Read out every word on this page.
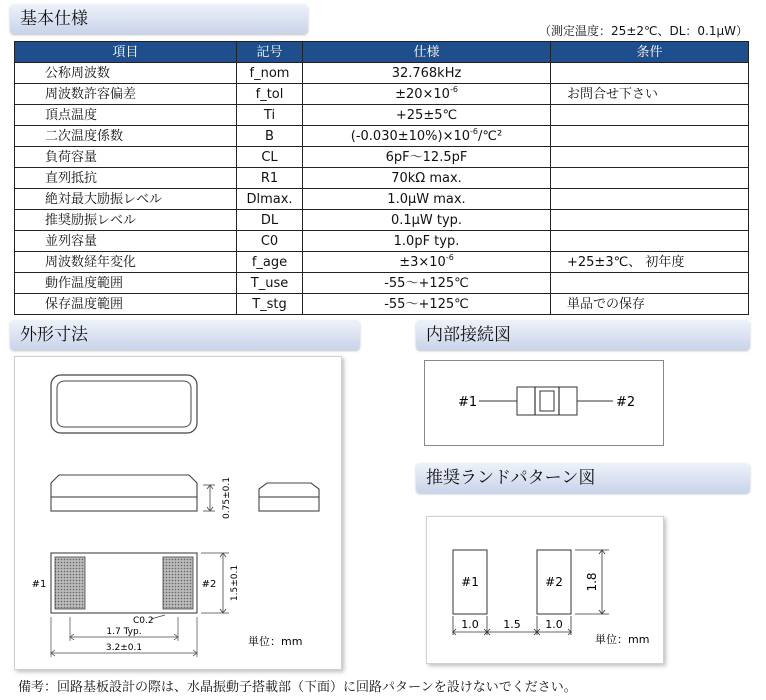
基本仕様
（測定温度：25±2℃、DL：0.1μW）
項目	記号	仕様	条件
公称周波数	f_nom	32.768kHz	
周波数許容偏差	f_tol	$\pm 20\times 10^{-6}$	お問合せ下さい
頂点温度	Ti	+25±5℃	
二次温度係数	B	$(-0.030\pm 10\%)\times 10^{-6}/℃^2$	
負荷容量	CL	6pF～12.5pF	
直列抵抗	R1	70kΩ max.	
絶対最大励振レベル	Dlmax.	1.0μW max.	
推奨励振レベル	DL	0.1μW typ.	
並列容量	C0	1.0pF typ.	
周波数経年変化	f_age	$\pm 3\times 10^{-6}$	+25±3℃、 初年度
動作温度範囲	T_use	-55～+125℃	
保存温度範囲	T_stg	-55～+125℃	単品での保存
外形寸法
0.75±0.1
#1	#2 1.5±0.1
C0.2
1.7 Typ.
3.2±0.1	単位：mm
内部接続図
#1	#2
推奨ランドパターン図
#1	#2 1.8
1.0 1.5 1.0
単位：mm
備考：回路基板設計の際は、水晶振動子搭載部（下面）に回路パターンを設けないでください。
